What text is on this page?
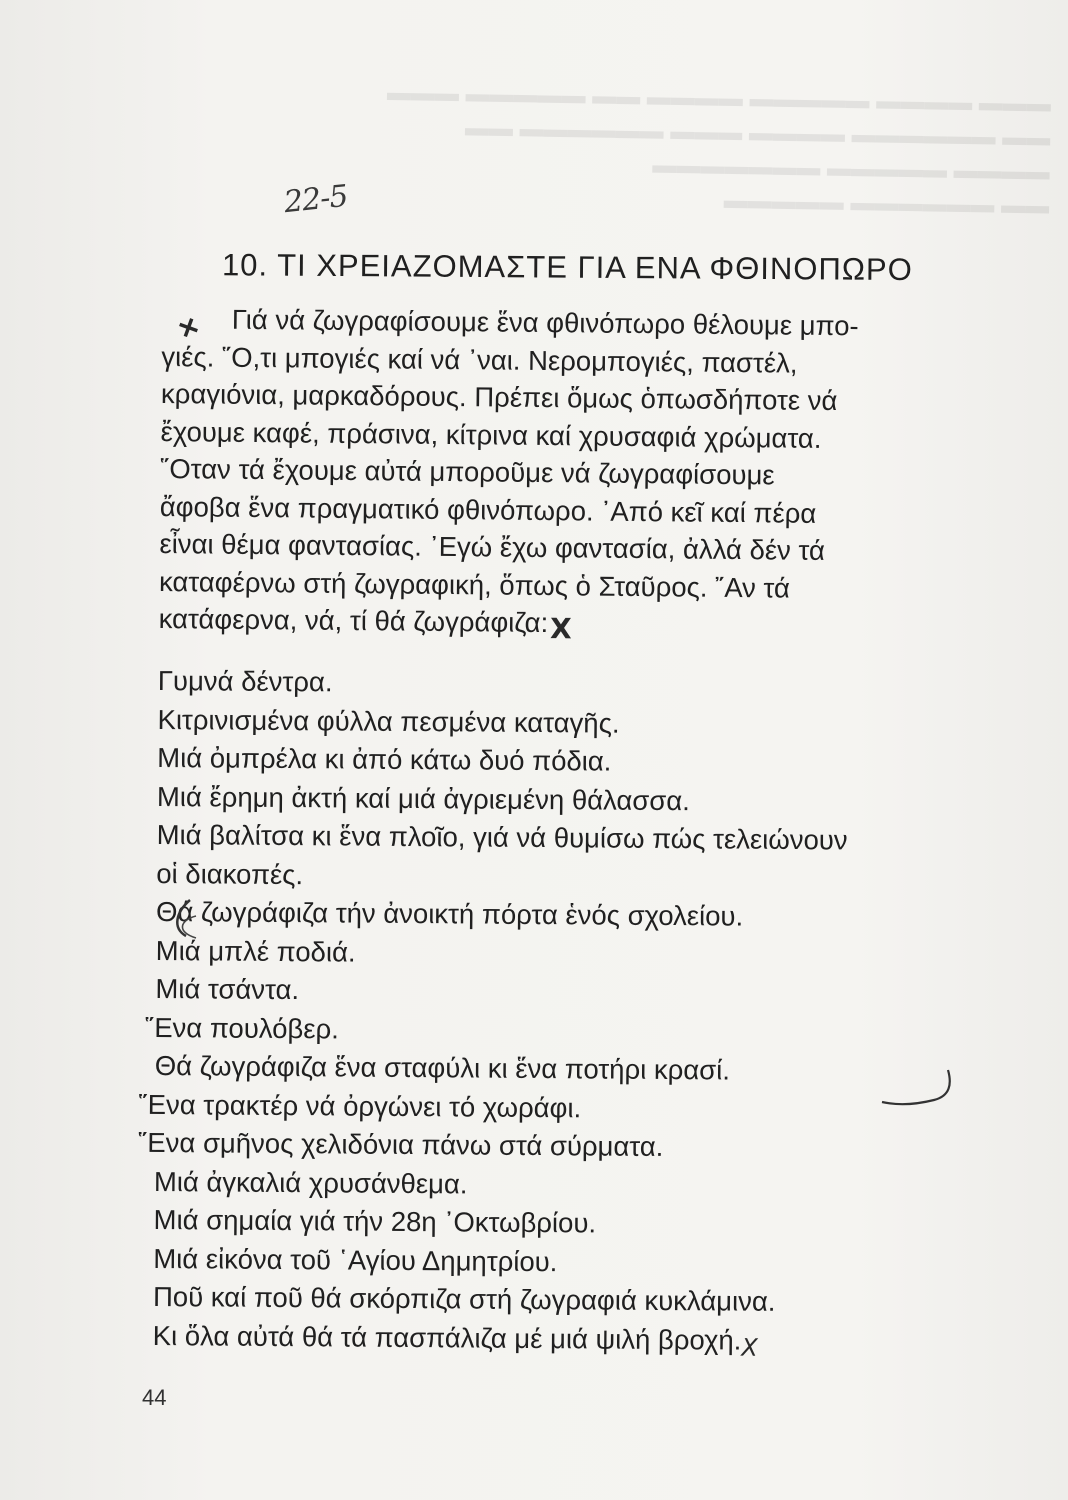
▬▬▬ ▬▬▬▬ ▬▬▬▬▬ ▬▬▬▬ ▬▬ ▬▬▬▬▬ ▬▬▬
▬▬ ▬▬▬▬▬▬ ▬▬▬▬ ▬▬▬ ▬▬▬▬▬▬ ▬▬
▬▬▬▬ ▬▬▬▬▬ ▬▬▬▬▬▬▬
▬▬ ▬▬▬▬▬▬ ▬▬▬▬▬
22-5
10. ΤΙ ΧΡΕΙΑΖΟΜΑΣΤΕ ΓΙΑ ΕΝΑ ΦΘΙΝΟΠΩΡΟ
+ Γιά νά ζωγραφίσουμε ἕνα φθινόπωρο θέλουμε μπο-
γιές. ῞Ο,τι μπογιές καί νά ᾽ναι. Νερομπογιές, παστέλ,
κραγιόνια, μαρκαδόρους. Πρέπει ὅμως ὁπωσδήποτε νά
ἔχουμε καφέ, πράσινα, κίτρινα καί χρυσαφιά χρώματα.
῞Οταν τά ἔχουμε αὐτά μποροῦμε νά ζωγραφίσουμε
ἄφοβα ἕνα πραγματικό φθινόπωρο. ᾿Από κεῖ καί πέρα
εἶναι θέμα φαντασίας. ᾿Εγώ ἔχω φαντασία, ἀλλά δέν τά
καταφέρνω στή ζωγραφική, ὅπως ὁ Σταῦρος. ῎Αν τά
κατάφερνα, νά, τί θά ζωγράφιζα:X
Γυμνά δέντρα.
Κιτρινισμένα φύλλα πεσμένα καταγῆς.
Μιά ὀμπρέλα κι ἀπό κάτω δυό πόδια.
Μιά ἔρημη ἀκτή καί μιά ἀγριεμένη θάλασσα.
Μιά βαλίτσα κι ἕνα πλοῖο, γιά νά θυμίσω πώς τελειώνουν
οἱ διακοπές.
Θά ζωγράφιζα τήν ἀνοικτή πόρτα ἑνός σχολείου.
Μιά μπλέ ποδιά.
Μιά τσάντα.
῞Ενα πουλόβερ.
Θά ζωγράφιζα ἕνα σταφύλι κι ἕνα ποτήρι κρασί.
῞Ενα τρακτέρ νά ὀργώνει τό χωράφι.
῞Ενα σμῆνος χελιδόνια πάνω στά σύρματα.
Μιά ἀγκαλιά χρυσάνθεμα.
Μιά σημαία γιά τήν 28η ᾿Οκτωβρίου.
Μιά εἰκόνα τοῦ ῾Αγίου Δημητρίου.
Ποῦ καί ποῦ θά σκόρπιζα στή ζωγραφιά κυκλάμινα.
Κι ὅλα αὐτά θά τά πασπάλιζα μέ μιά ψιλή βροχή.X
44
